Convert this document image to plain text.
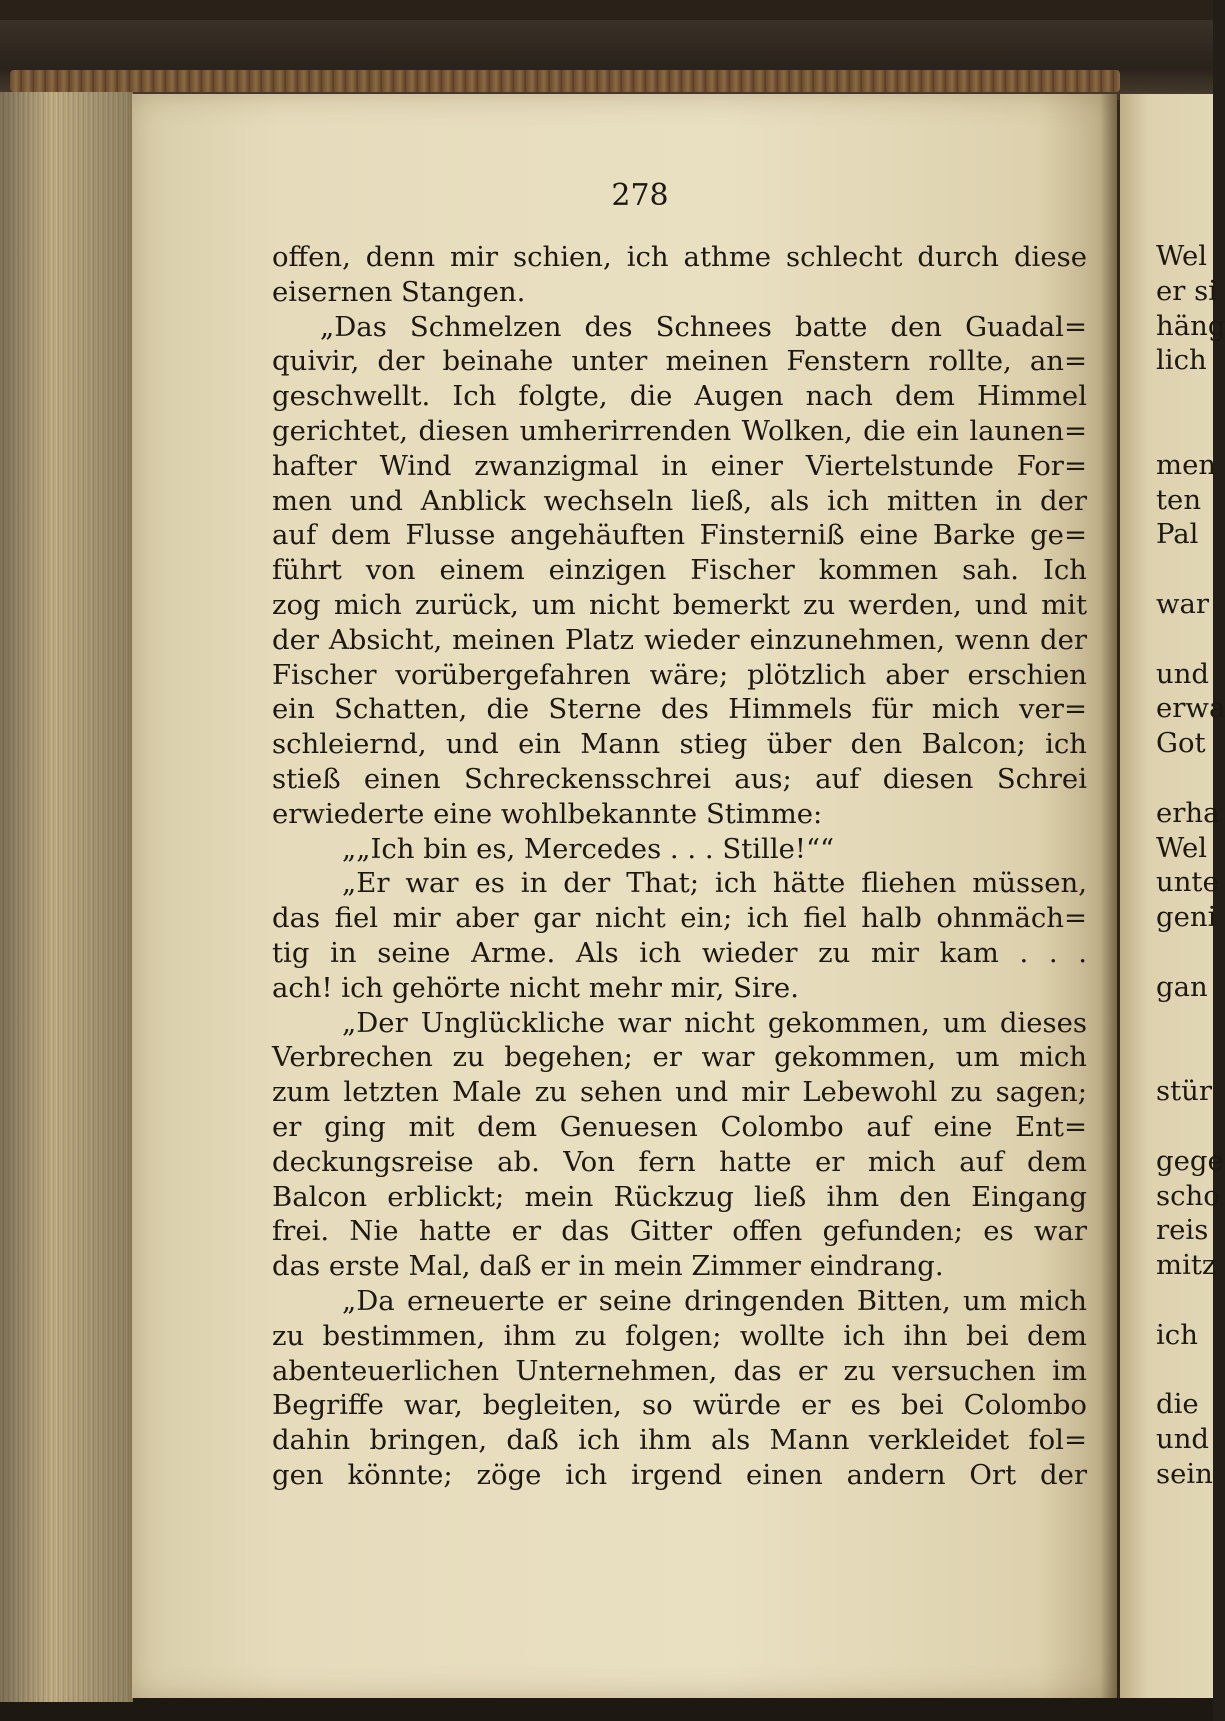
278
offen, denn mir schien, ich athme schlecht durch diese
eisernen Stangen.
„Das Schmelzen des Schnees batte den Guadal=
quivir, der beinahe unter meinen Fenstern rollte, an=
geschwellt. Ich folgte, die Augen nach dem Himmel
gerichtet, diesen umherirrenden Wolken, die ein launen=
hafter Wind zwanzigmal in einer Viertelstunde For=
men und Anblick wechseln ließ, als ich mitten in der
auf dem Flusse angehäuften Finsterniß eine Barke ge=
führt von einem einzigen Fischer kommen sah. Ich
zog mich zurück, um nicht bemerkt zu werden, und mit
der Absicht, meinen Platz wieder einzunehmen, wenn der
Fischer vorübergefahren wäre; plötzlich aber erschien
ein Schatten, die Sterne des Himmels für mich ver=
schleiernd, und ein Mann stieg über den Balcon; ich
stieß einen Schreckensschrei aus; auf diesen Schrei
erwiederte eine wohlbekannte Stimme:
„„Ich bin es, Mercedes . . . Stille!““
„Er war es in der That; ich hätte fliehen müssen,
das fiel mir aber gar nicht ein; ich fiel halb ohnmäch=
tig in seine Arme. Als ich wieder zu mir kam . . .
ach! ich gehörte nicht mehr mir, Sire.
„Der Unglückliche war nicht gekommen, um dieses
Verbrechen zu begehen; er war gekommen, um mich
zum letzten Male zu sehen und mir Lebewohl zu sagen;
er ging mit dem Genuesen Colombo auf eine Ent=
deckungsreise ab. Von fern hatte er mich auf dem
Balcon erblickt; mein Rückzug ließ ihm den Eingang
frei. Nie hatte er das Gitter offen gefunden; es war
das erste Mal, daß er in mein Zimmer eindrang.
„Da erneuerte er seine dringenden Bitten, um mich
zu bestimmen, ihm zu folgen; wollte ich ihn bei dem
abenteuerlichen Unternehmen, das er zu versuchen im
Begriffe war, begleiten, so würde er es bei Colombo
dahin bringen, daß ich ihm als Mann verkleidet fol=
gen könnte; zöge ich irgend einen andern Ort der
Wel
er si
häng
lich
men
ten
Pal
war
und
erwa
Got
erha
Wel
unte
geni
gan
stür
gege
scho
reis
mitz
ich
die
und
sein
